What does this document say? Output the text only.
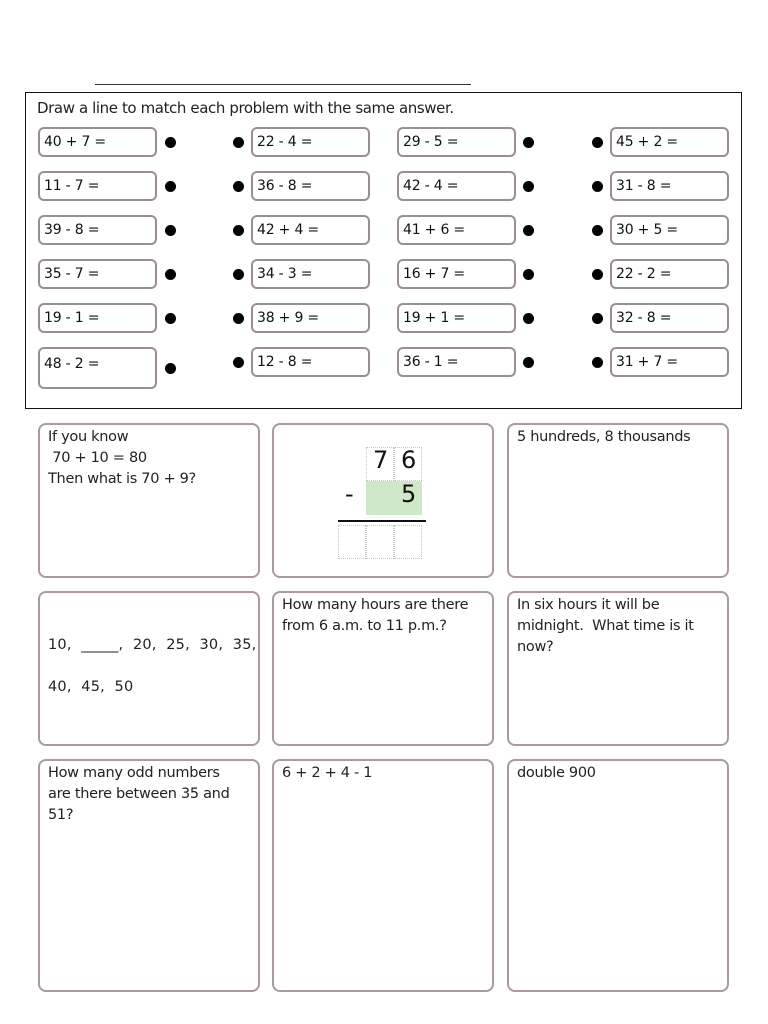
Draw a line to match each problem with the same answer.
40 + 7 =
11 - 7 =
39 - 8 =
35 - 7 =
19 - 1 =
48 - 2 =
22 - 4 =
36 - 8 =
42 + 4 =
34 - 3 =
38 + 9 =
12 - 8 =
29 - 5 =
42 - 4 =
41 + 6 =
16 + 7 =
19 + 1 =
36 - 1 =
45 + 2 =
31 - 8 =
30 + 5 =
22 - 2 =
32 - 8 =
31 + 7 =
If you know
70 + 10 = 80
Then what is 70 + 9?
7 6
- 5
5 hundreds, 8 thousands
10,  _____,  20,  25,  30,  35,
40,  45,  50
How many hours are there
from 6 a.m. to 11 p.m.?
In six hours it will be
midnight.  What time is it
now?
How many odd numbers
are there between 35 and
51?
6 + 2 + 4 - 1	double 900
